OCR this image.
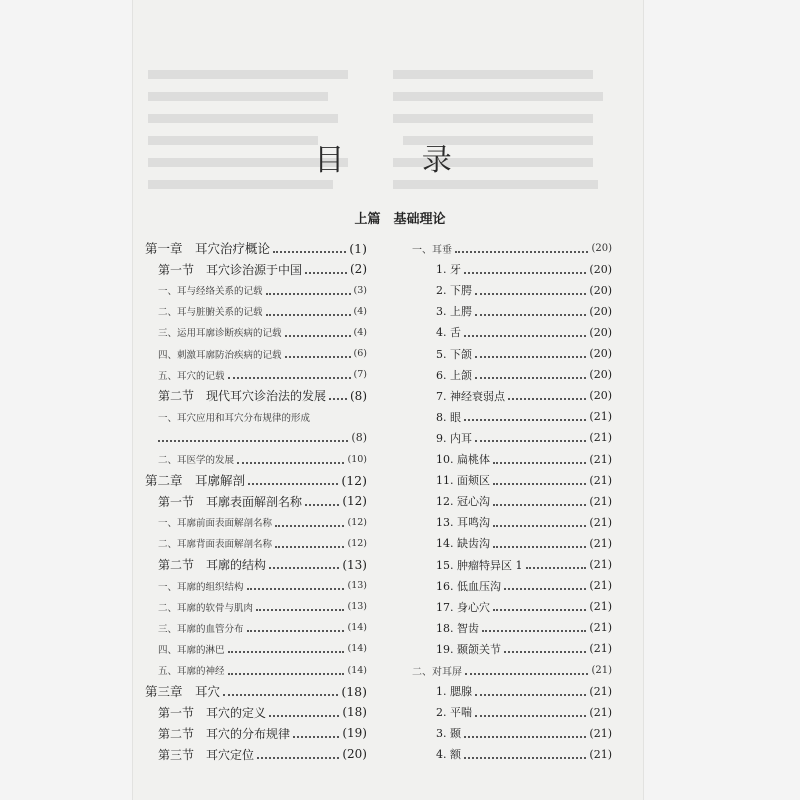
目 录
上篇　基础理论
第一章　耳穴治疗概论	(1)
第一节　耳穴诊治源于中国	(2)
一、耳与经络关系的记载	(3)
二、耳与脏腑关系的记载	(4)
三、运用耳廓诊断疾病的记载	(4)
四、刺激耳廓防治疾病的记载	(6)
五、耳穴的记载	(7)
第二节　现代耳穴诊治法的发展 (8)
一、耳穴应用和耳穴分布规律的形成
(8)
二、耳医学的发展	(10)
第二章　耳廓解剖	(12)
第一节　耳廓表面解剖名称	(12)
一、耳廓前面表面解剖名称	(12)
二、耳廓背面表面解剖名称	(12)
第二节　耳廓的结构	(13)
一、耳廓的组织结构	(13)
二、耳廓的软骨与肌肉	(13)
三、耳廓的血管分布	(14)
四、耳廓的淋巴	(14)
五、耳廓的神经	(14)
第三章　耳穴	(18)
第一节　耳穴的定义	(18)
第二节　耳穴的分布规律	(19)
第三节　耳穴定位	(20)
一、耳垂	(20)
1. 牙	(20)
2. 下腭	(20)
3. 上腭	(20)
4. 舌	(20)
5. 下颌	(20)
6. 上颌	(20)
7. 神经衰弱点	(20)
8. 眼	(21)
9. 内耳	(21)
10. 扁桃体	(21)
11. 面颊区	(21)
12. 冠心沟	(21)
13. 耳鸣沟	(21)
14. 缺齿沟	(21)
15. 肿瘤特异区 1	(21)
16. 低血压沟	(21)
17. 身心穴	(21)
18. 智齿	(21)
19. 颞颌关节	(21)
二、对耳屏	(21)
1. 腮腺	(21)
2. 平喘	(21)
3. 颞	(21)
4. 额	(21)
